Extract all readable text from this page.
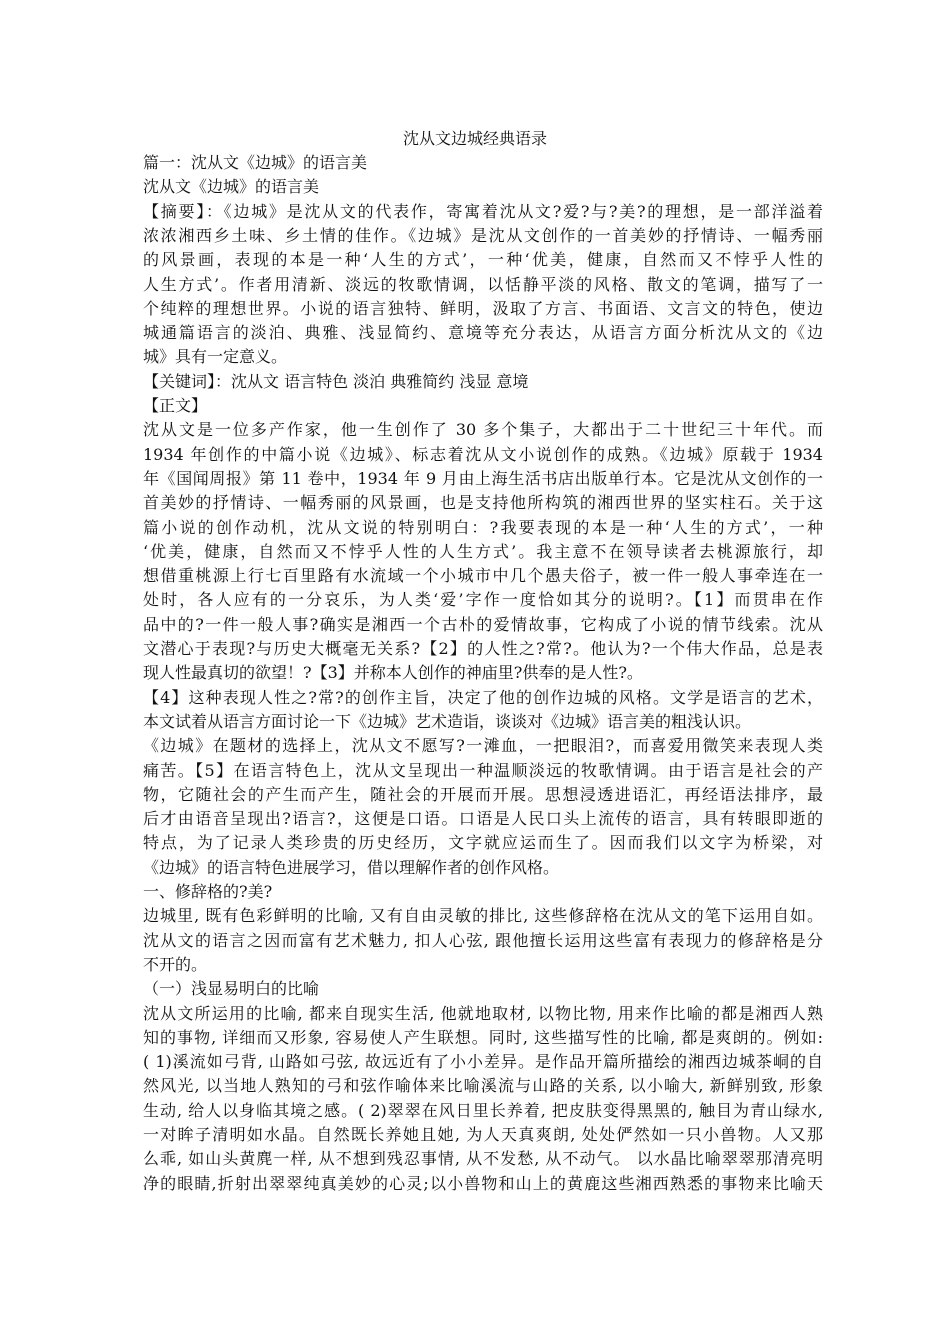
沈从文边城经典语录
篇一：沈从文《边城》的语言美
沈从文《边城》的语言美
【摘要】：《边城》是沈从文的代表作，寄寓着沈从文?爱?与?美?的理想，是一部洋溢着
浓浓湘西乡土味、乡土情的佳作。《边城》是沈从文创作的一首美妙的抒情诗、一幅秀丽
的风景画，表现的本是一种‘人生的方式’，一种‘优美，健康，自然而又不悖乎人性的
人生方式’。作者用清新、淡远的牧歌情调，以恬静平淡的风格、散文的笔调，描写了一
个纯粹的理想世界。小说的语言独特、鲜明，汲取了方言、书面语、文言文的特色，使边
城通篇语言的淡泊、典雅、浅显简约、意境等充分表达，从语言方面分析沈从文的《边
城》具有一定意义。
【关键词】：沈从文 语言特色 淡泊 典雅简约 浅显 意境
【正文】
沈从文是一位多产作家，他一生创作了 30 多个集子，大都出于二十世纪三十年代。而
1934 年创作的中篇小说《边城》、标志着沈从文小说创作的成熟。《边城》原载于 1934
年《国闻周报》第 11 卷中，1934 年 9 月由上海生活书店出版单行本。它是沈从文创作的一
首美妙的抒情诗、一幅秀丽的风景画，也是支持他所构筑的湘西世界的坚实柱石。关于这
篇小说的创作动机，沈从文说的特别明白：?我要表现的本是一种‘人生的方式’，一种
‘优美，健康，自然而又不悖乎人性的人生方式’。我主意不在领导读者去桃源旅行，却
想借重桃源上行七百里路有水流域一个小城市中几个愚夫俗子，被一件一般人事牵连在一
处时，各人应有的一分哀乐，为人类‘爱’字作一度恰如其分的说明?。【1】而贯串在作
品中的?一件一般人事?确实是湘西一个古朴的爱情故事，它构成了小说的情节线索。沈从
文潜心于表现?与历史大概毫无关系?【2】的人性之?常?。他认为?一个伟大作品，总是表
现人性最真切的欲望！?【3】并称本人创作的神庙里?供奉的是人性?。
【4】这种表现人性之?常?的创作主旨，决定了他的创作边城的风格。文学是语言的艺术，
本文试着从语言方面讨论一下《边城》艺术造诣，谈谈对《边城》语言美的粗浅认识。
《边城》在题材的选择上，沈从文不愿写?一滩血，一把眼泪?，而喜爱用微笑来表现人类
痛苦。【5】在语言特色上，沈从文呈现出一种温顺淡远的牧歌情调。由于语言是社会的产
物，它随社会的产生而产生，随社会的开展而开展。思想浸透进语汇，再经语法排序，最
后才由语音呈现出?语言?，这便是口语。口语是人民口头上流传的语言，具有转眼即逝的
特点，为了记录人类珍贵的历史经历，文字就应运而生了。因而我们以文字为桥梁，对
《边城》的语言特色进展学习，借以理解作者的创作风格。
一、修辞格的?美?
边城里, 既有色彩鲜明的比喻, 又有自由灵敏的排比, 这些修辞格在沈从文的笔下运用自如。
沈从文的语言之因而富有艺术魅力, 扣人心弦, 跟他擅长运用这些富有表现力的修辞格是分
不开的。
（一）浅显易明白的比喻
沈从文所运用的比喻, 都来自现实生活, 他就地取材, 以物比物, 用来作比喻的都是湘西人熟
知的事物, 详细而又形象, 容易使人产生联想。同时, 这些描写性的比喻, 都是爽朗的。例如:
( 1)溪流如弓背, 山路如弓弦, 故远近有了小小差异。是作品开篇所描绘的湘西边城茶峒的自
然风光, 以当地人熟知的弓和弦作喻体来比喻溪流与山路的关系, 以小喻大, 新鲜别致, 形象
生动, 给人以身临其境之感。( 2)翠翠在风日里长养着, 把皮肤变得黑黑的, 触目为青山绿水,
一对眸子清明如水晶。自然既长养她且她, 为人天真爽朗, 处处俨然如一只小兽物。人又那
么乖, 如山头黄麂一样, 从不想到残忍事情, 从不发愁, 从不动气。 以水晶比喻翠翠那清亮明
净的眼睛,折射出翠翠纯真美妙的心灵;以小兽物和山上的黄鹿这些湘西熟悉的事物来比喻天
